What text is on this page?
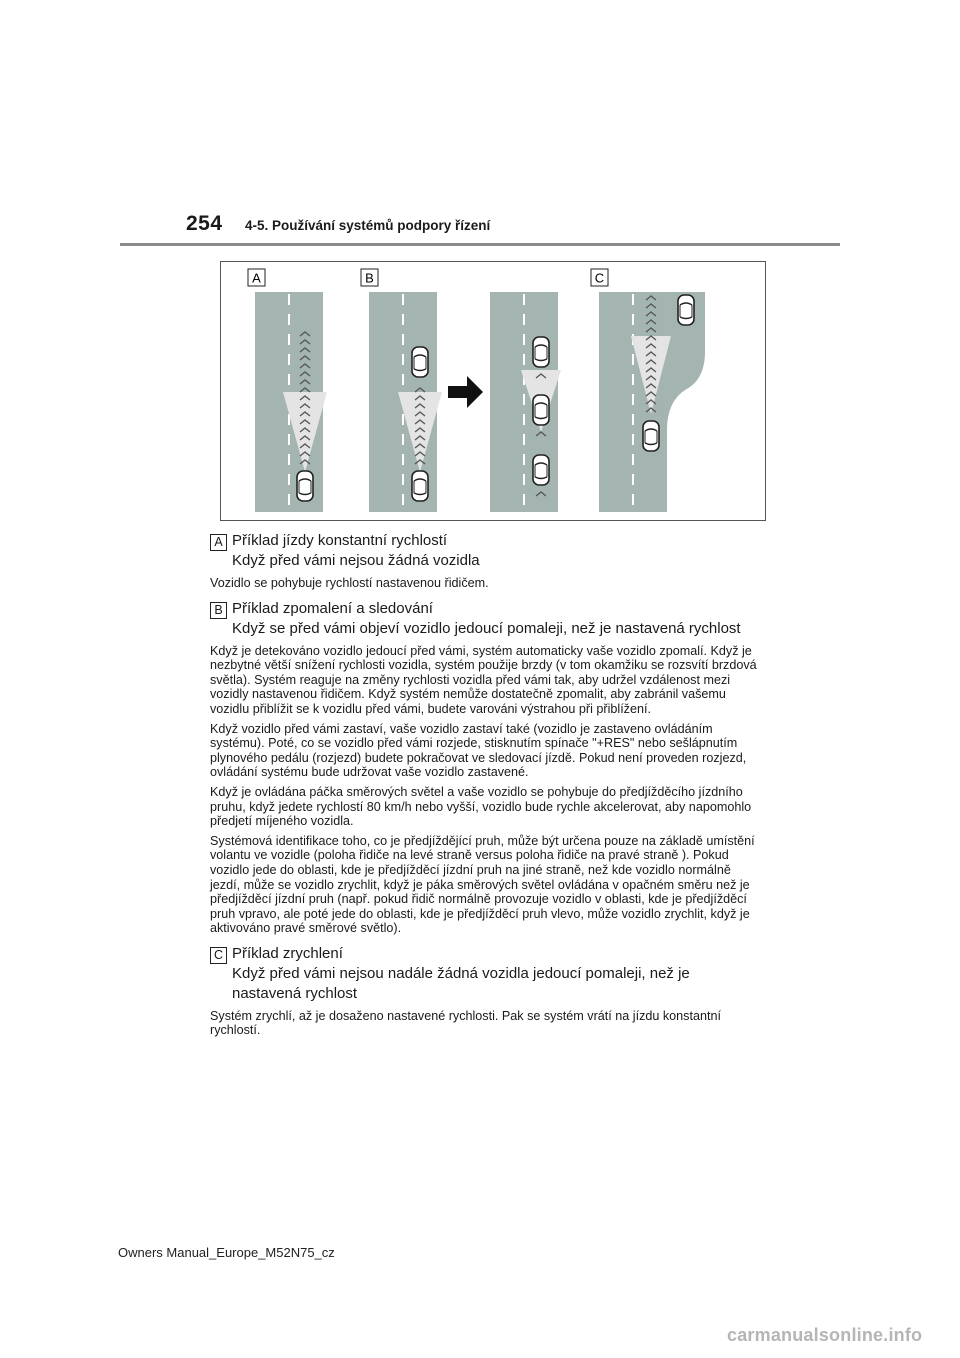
254 4-5. Používání systémů podpory řízení
A	B	C
A Příklad jízdy konstantní rychlostí
Když před vámi nejsou žádná vozidla

Vozidlo se pohybuje rychlostí nastavenou řidičem.

B Příklad zpomalení a sledování
Když se před vámi objeví vozidlo jedoucí pomaleji, než je nastavená rychlost

Když je detekováno vozidlo jedoucí před vámi, systém automaticky vaše vozidlo zpomalí. Když je nezbytné větší snížení rychlosti vozidla, systém použije brzdy (v tom okamžiku se rozsvítí brzdová světla). Systém reaguje na změny rychlosti vozidla před vámi tak, aby udržel vzdálenost mezi vozidly nastavenou řidičem. Když systém nemůže dostatečně zpomalit, aby zabránil vašemu vozidlu přiblížit se k vozidlu před vámi, budete varováni výstrahou při přiblížení.

Když vozidlo před vámi zastaví, vaše vozidlo zastaví také (vozidlo je zastaveno ovládáním systému). Poté, co se vozidlo před vámi rozjede, stisknutím spínače "+RES" nebo sešlápnutím plynového pedálu (rozjezd) budete pokračovat ve sledovací jízdě. Pokud není proveden rozjezd, ovládání systému bude udržovat vaše vozidlo zastavené.

Když je ovládána páčka směrových světel a vaše vozidlo se pohybuje do předjížděcího jízdního pruhu, když jedete rychlostí 80 km/h nebo vyšší, vozidlo bude rychle akcelerovat, aby napomohlo předjetí míjeného vozidla.

Systémová identifikace toho, co je předjíždějící pruh, může být určena pouze na základě umístění volantu ve vozidle (poloha řidiče na levé straně versus poloha řidiče na pravé straně ). Pokud vozidlo jede do oblasti, kde je předjížděcí jízdní pruh na jiné straně, než kde vozidlo normálně jezdí, může se vozidlo zrychlit, když je páka směrových světel ovládána v opačném směru než je předjížděcí jízdní pruh (např. pokud řidič normálně provozuje vozidlo v oblasti, kde je předjížděcí pruh vpravo, ale poté jede do oblasti, kde je předjížděcí pruh vlevo, může vozidlo zrychlit, když je aktivováno pravé směrové světlo).

C Příklad zrychlení
Když před vámi nejsou nadále žádná vozidla jedoucí pomaleji, než je nastavená rychlost

Systém zrychlí, až je dosaženo nastavené rychlosti. Pak se systém vrátí na jízdu konstantní rychlostí.

Owners Manual_Europe_M52N75_cz
carmanualsonline.info
